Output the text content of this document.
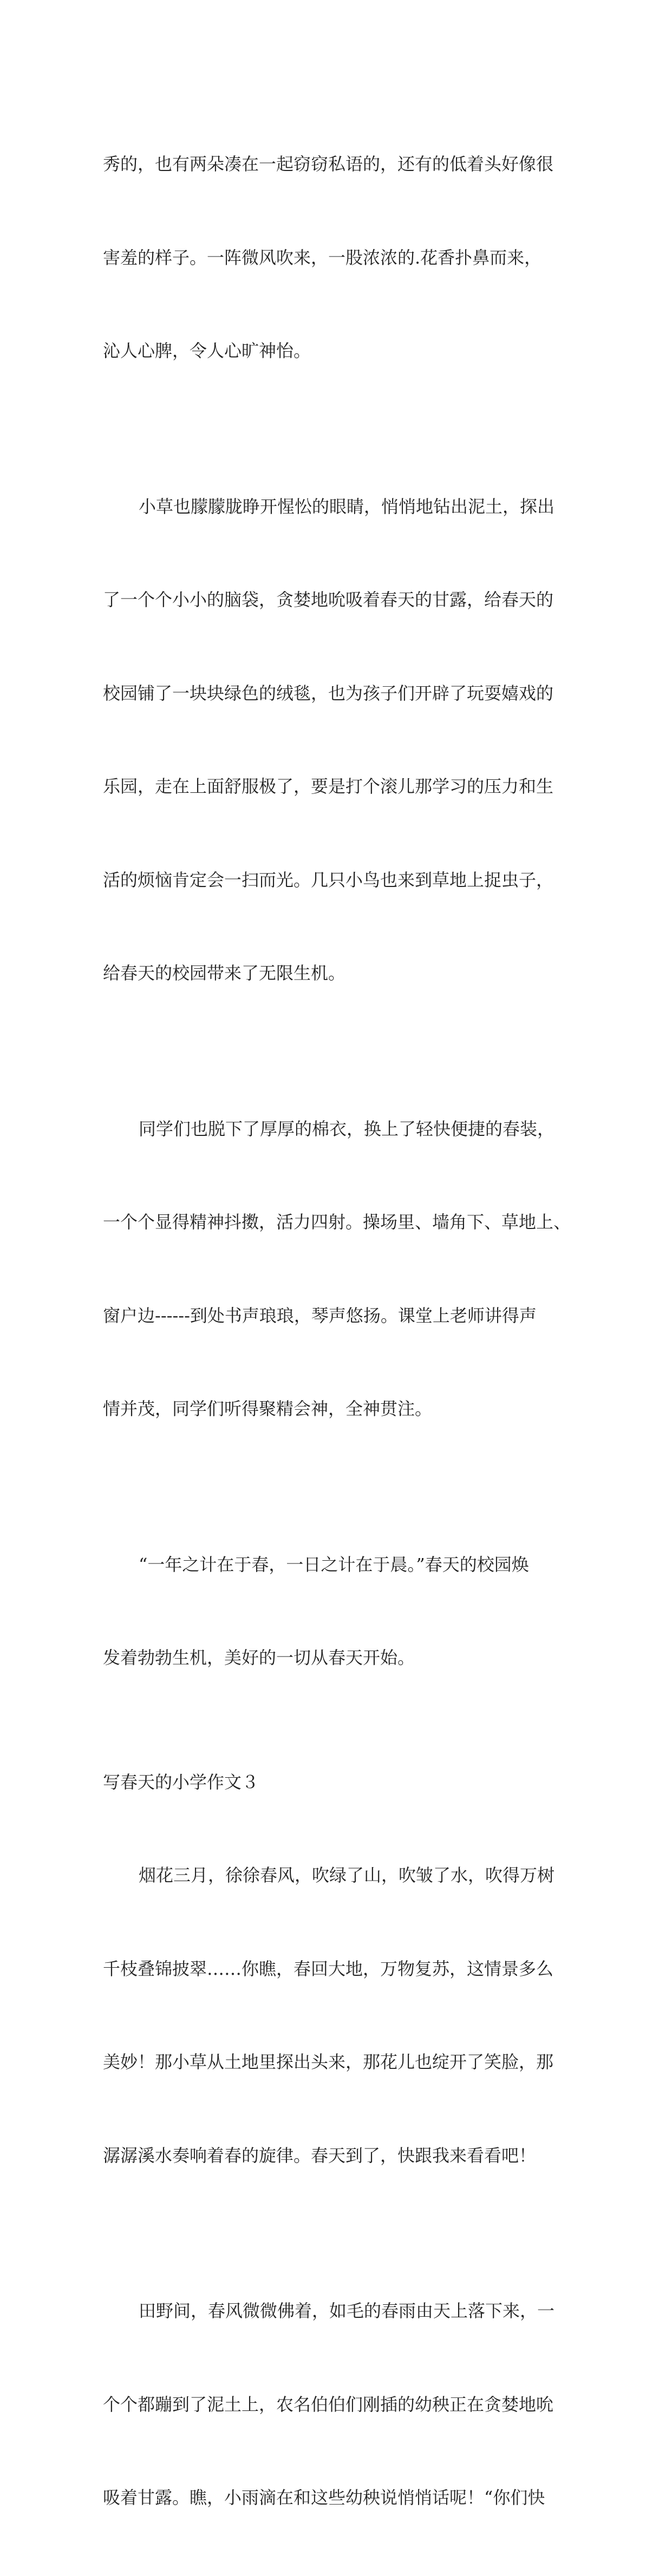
秀的，也有两朵凑在一起窃窃私语的，还有的低着头好像很

害羞的样子。一阵微风吹来，一股浓浓的.花香扑鼻而来，

沁人心脾，令人心旷神怡。

小草也朦朦胧睁开惺忪的眼睛，悄悄地钻出泥土，探出

了一个个小小的脑袋，贪婪地吮吸着春天的甘露，给春天的

校园铺了一块块绿色的绒毯，也为孩子们开辟了玩耍嬉戏的

乐园，走在上面舒服极了，要是打个滚儿那学习的压力和生

活的烦恼肯定会一扫而光。几只小鸟也来到草地上捉虫子，

给春天的校园带来了无限生机。

同学们也脱下了厚厚的棉衣，换上了轻快便捷的春装，

一个个显得精神抖擞，活力四射。操场里、墙角下、草地上、

窗户边------到处书声琅琅，琴声悠扬。课堂上老师讲得声

情并茂，同学们听得聚精会神，全神贯注。

“一年之计在于春，一日之计在于晨。”春天的校园焕

发着勃勃生机，美好的一切从春天开始。

写春天的小学作文３

烟花三月，徐徐春风，吹绿了山，吹皱了水，吹得万树

千枝叠锦披翠……你瞧，春回大地，万物复苏，这情景多么

美妙！那小草从土地里探出头来，那花儿也绽开了笑脸，那

潺潺溪水奏响着春的旋律。春天到了，快跟我来看看吧！

田野间，春风微微佛着，如毛的春雨由天上落下来，一

个个都蹦到了泥土上，农名伯伯们刚插的幼秧正在贪婪地吮

吸着甘露。瞧，小雨滴在和这些幼秧说悄悄话呢！“你们快
